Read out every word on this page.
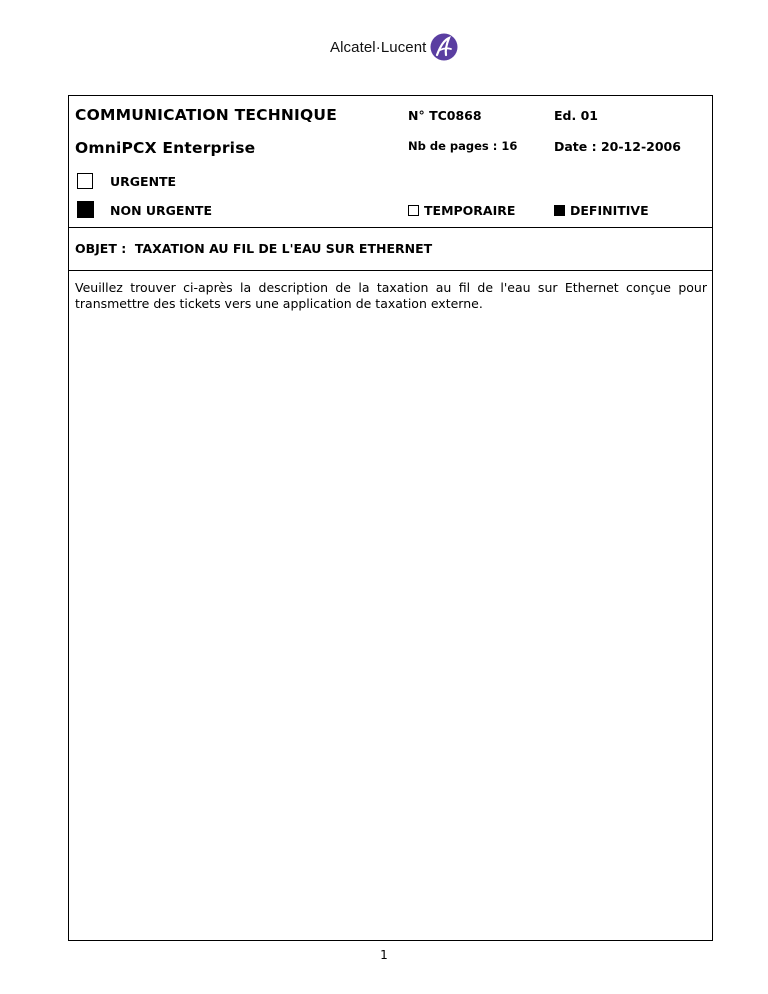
Alcatel·Lucent
COMMUNICATION TECHNIQUE	N° TC0868	Ed. 01
OmniPCX Enterprise	Nb de pages : 16	Date : 20-12-2006
URGENTE
NON URGENTE	TEMPORAIRE	DEFINITIVE
OBJET :  TAXATION AU FIL DE L'EAU SUR ETHERNET
Veuillez trouver ci-après la description de la taxation au fil de l'eau sur Ethernet conçue pour transmettre des tickets vers une application de taxation externe.
1
